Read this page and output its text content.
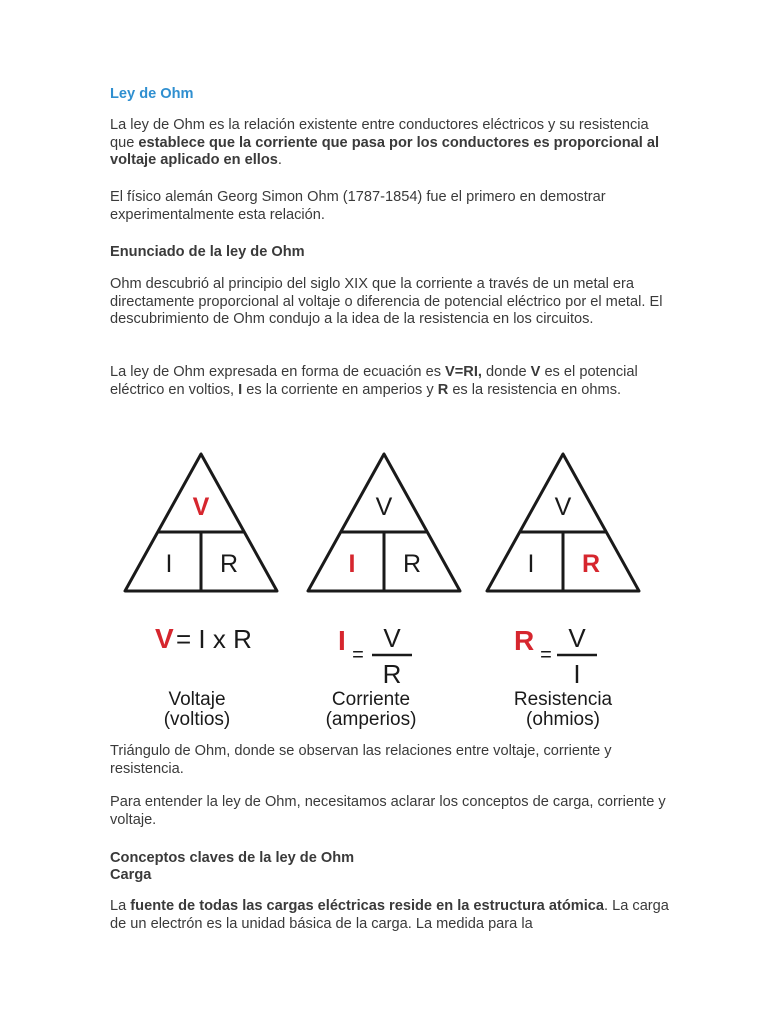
Ley de Ohm

La ley de Ohm es la relación existente entre conductores eléctricos y su resistencia que establece que la corriente que pasa por los conductores es proporcional al voltaje aplicado en ellos.

El físico alemán Georg Simon Ohm (1787-1854) fue el primero en demostrar experimentalmente esta relación.

Enunciado de la ley de Ohm

Ohm descubrió al principio del siglo XIX que la corriente a través de un metal era directamente proporcional al voltaje o diferencia de potencial eléctrico por el metal. El descubrimiento de Ohm condujo a la idea de la resistencia en los circuitos.

La ley de Ohm expresada en forma de ecuación es V=RI, donde V es el potencial eléctrico en voltios, I es la corriente en amperios y R es la resistencia en ohms.

Triángulo de Ohm, donde se observan las relaciones entre voltaje, corriente y resistencia.

Para entender la ley de Ohm, necesitamos aclarar los conceptos de carga, corriente y voltaje.

Conceptos claves de la ley de Ohm
Carga

La fuente de todas las cargas eléctricas reside en la estructura atómica. La carga de un electrón es la unidad básica de la carga. La medida para la

V
I R
V = I x R
Voltaje
(voltios)
V
I R
I =
V
R
Corriente
(amperios)
V
I R
R =
V
I
Resistencia
(ohmios)
